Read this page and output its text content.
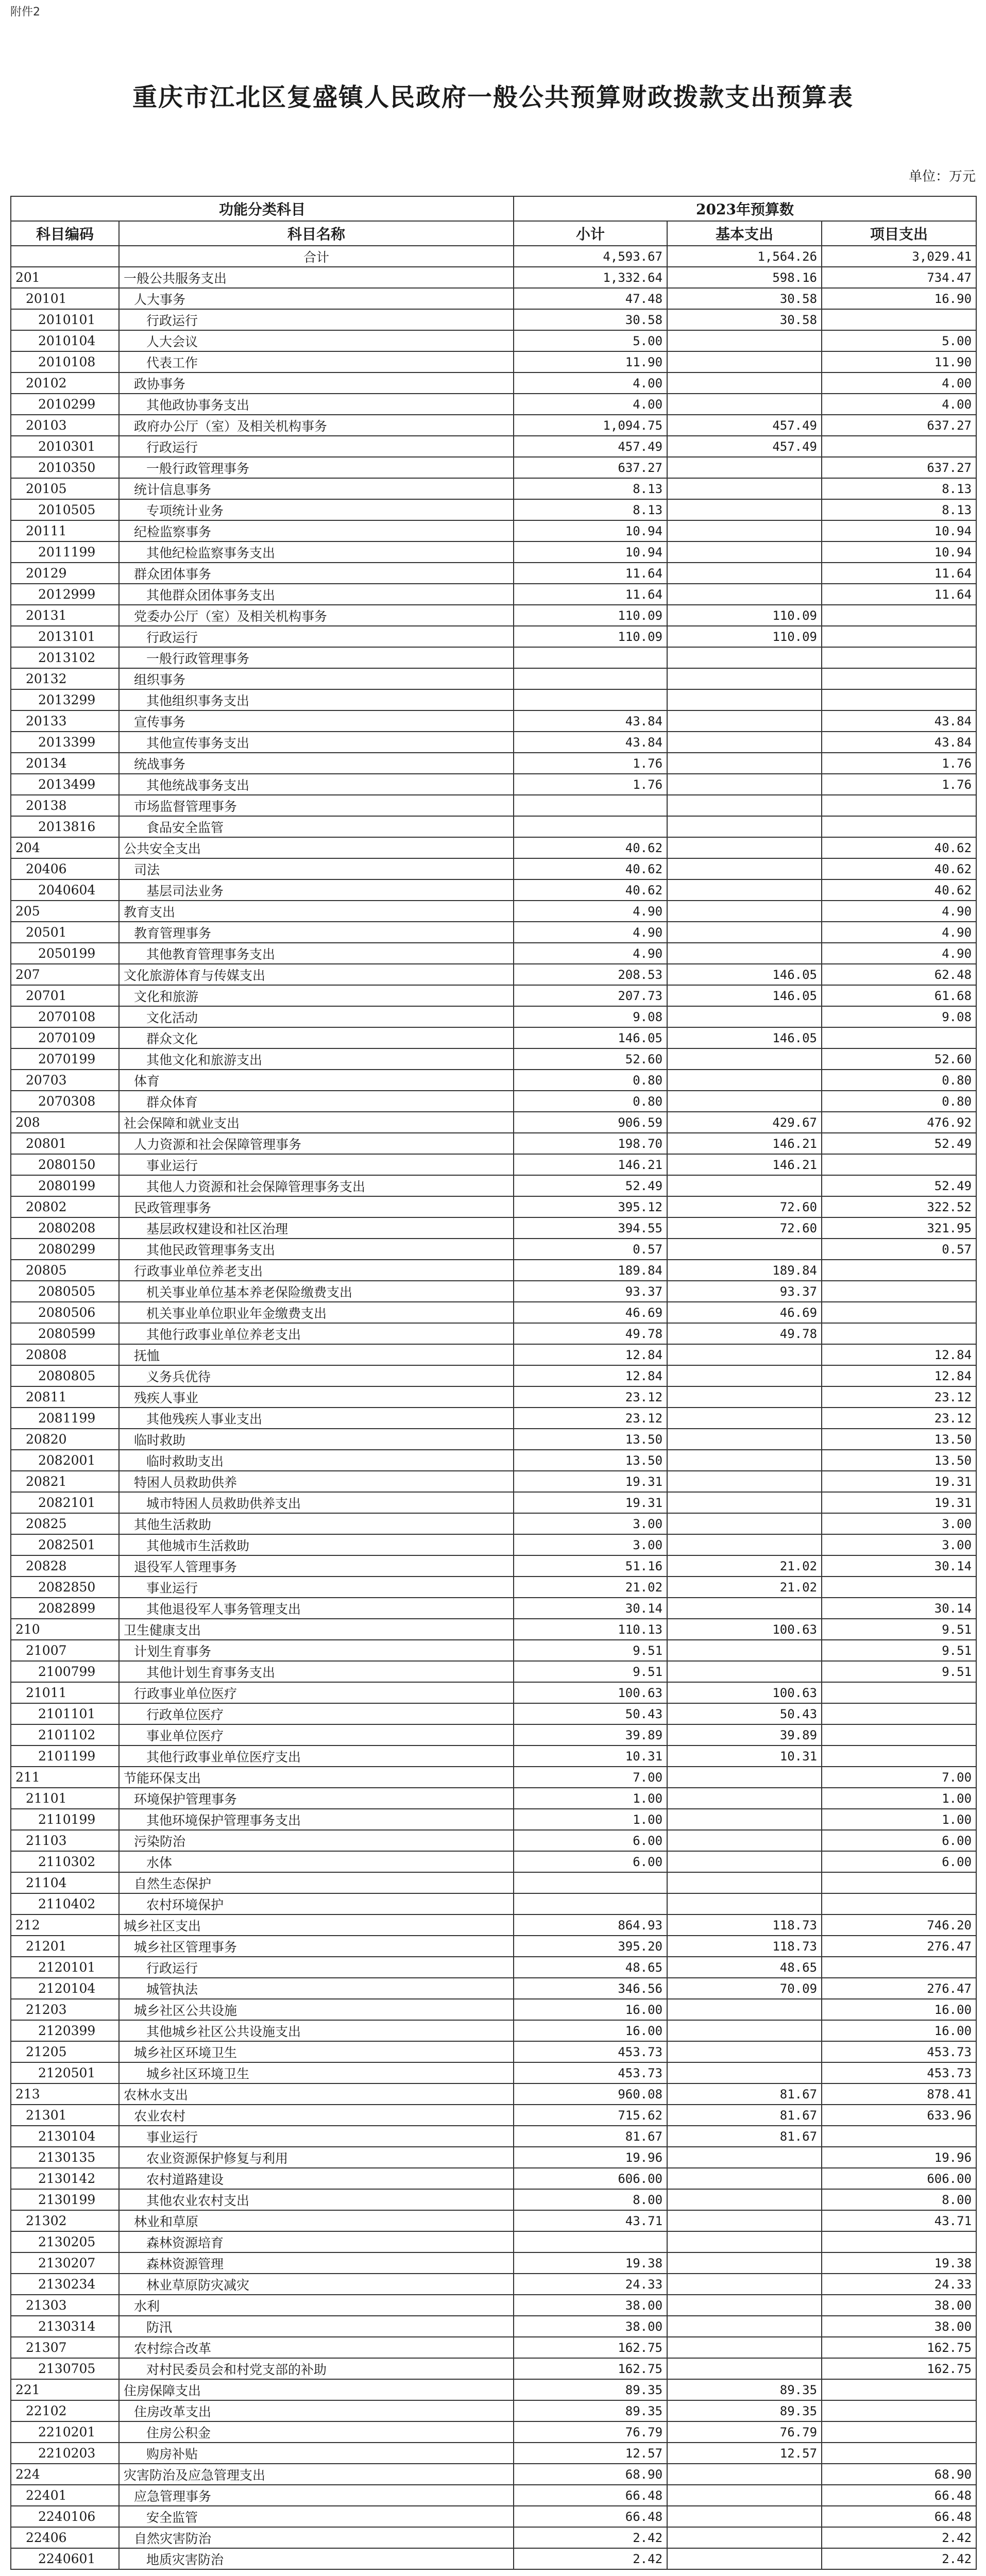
附件2
重庆市江北区复盛镇人民政府一般公共预算财政拨款支出预算表
单位：万元
功能分类科目		2023年预算数		
科目编码	科目名称	小计	基本支出	项目支出
	合计	4,593.67	1,564.26	3,029.41
201	一般公共服务支出	1,332.64	598.16	734.47
20101	人大事务	47.48	30.58	16.90
2010101	行政运行	30.58	30.58	
2010104	人大会议	5.00		5.00
2010108	代表工作	11.90		11.90
20102	政协事务	4.00		4.00
2010299	其他政协事务支出	4.00		4.00
20103	政府办公厅（室）及相关机构事务	1,094.75	457.49	637.27
2010301	行政运行	457.49	457.49	
2010350	一般行政管理事务	637.27		637.27
20105	统计信息事务	8.13		8.13
2010505	专项统计业务	8.13		8.13
20111	纪检监察事务	10.94		10.94
2011199	其他纪检监察事务支出	10.94		10.94
20129	群众团体事务	11.64		11.64
2012999	其他群众团体事务支出	11.64		11.64
20131	党委办公厅（室）及相关机构事务	110.09	110.09	
2013101	行政运行	110.09	110.09	
2013102	一般行政管理事务			
20132	组织事务			
2013299	其他组织事务支出			
20133	宣传事务	43.84		43.84
2013399	其他宣传事务支出	43.84		43.84
20134	统战事务	1.76		1.76
2013499	其他统战事务支出	1.76		1.76
20138	市场监督管理事务			
2013816	食品安全监管			
204	公共安全支出	40.62		40.62
20406	司法	40.62		40.62
2040604	基层司法业务	40.62		40.62
205	教育支出	4.90		4.90
20501	教育管理事务	4.90		4.90
2050199	其他教育管理事务支出	4.90		4.90
207	文化旅游体育与传媒支出	208.53	146.05	62.48
20701	文化和旅游	207.73	146.05	61.68
2070108	文化活动	9.08		9.08
2070109	群众文化	146.05	146.05	
2070199	其他文化和旅游支出	52.60		52.60
20703	体育	0.80		0.80
2070308	群众体育	0.80		0.80
208	社会保障和就业支出	906.59	429.67	476.92
20801	人力资源和社会保障管理事务	198.70	146.21	52.49
2080150	事业运行	146.21	146.21	
2080199	其他人力资源和社会保障管理事务支出	52.49		52.49
20802	民政管理事务	395.12	72.60	322.52
2080208	基层政权建设和社区治理	394.55	72.60	321.95
2080299	其他民政管理事务支出	0.57		0.57
20805	行政事业单位养老支出	189.84	189.84	
2080505	机关事业单位基本养老保险缴费支出	93.37	93.37	
2080506	机关事业单位职业年金缴费支出	46.69	46.69	
2080599	其他行政事业单位养老支出	49.78	49.78	
20808	抚恤	12.84		12.84
2080805	义务兵优待	12.84		12.84
20811	残疾人事业	23.12		23.12
2081199	其他残疾人事业支出	23.12		23.12
20820	临时救助	13.50		13.50
2082001	临时救助支出	13.50		13.50
20821	特困人员救助供养	19.31		19.31
2082101	城市特困人员救助供养支出	19.31		19.31
20825	其他生活救助	3.00		3.00
2082501	其他城市生活救助	3.00		3.00
20828	退役军人管理事务	51.16	21.02	30.14
2082850	事业运行	21.02	21.02	
2082899	其他退役军人事务管理支出	30.14		30.14
210	卫生健康支出	110.13	100.63	9.51
21007	计划生育事务	9.51		9.51
2100799	其他计划生育事务支出	9.51		9.51
21011	行政事业单位医疗	100.63	100.63	
2101101	行政单位医疗	50.43	50.43	
2101102	事业单位医疗	39.89	39.89	
2101199	其他行政事业单位医疗支出	10.31	10.31	
211	节能环保支出	7.00		7.00
21101	环境保护管理事务	1.00		1.00
2110199	其他环境保护管理事务支出	1.00		1.00
21103	污染防治	6.00		6.00
2110302	水体	6.00		6.00
21104	自然生态保护			
2110402	农村环境保护			
212	城乡社区支出	864.93	118.73	746.20
21201	城乡社区管理事务	395.20	118.73	276.47
2120101	行政运行	48.65	48.65	
2120104	城管执法	346.56	70.09	276.47
21203	城乡社区公共设施	16.00		16.00
2120399	其他城乡社区公共设施支出	16.00		16.00
21205	城乡社区环境卫生	453.73		453.73
2120501	城乡社区环境卫生	453.73		453.73
213	农林水支出	960.08	81.67	878.41
21301	农业农村	715.62	81.67	633.96
2130104	事业运行	81.67	81.67	
2130135	农业资源保护修复与利用	19.96		19.96
2130142	农村道路建设	606.00		606.00
2130199	其他农业农村支出	8.00		8.00
21302	林业和草原	43.71		43.71
2130205	森林资源培育			
2130207	森林资源管理	19.38		19.38
2130234	林业草原防灾减灾	24.33		24.33
21303	水利	38.00		38.00
2130314	防汛	38.00		38.00
21307	农村综合改革	162.75		162.75
2130705	对村民委员会和村党支部的补助	162.75		162.75
221	住房保障支出	89.35	89.35	
22102	住房改革支出	89.35	89.35	
2210201	住房公积金	76.79	76.79	
2210203	购房补贴	12.57	12.57	
224	灾害防治及应急管理支出	68.90		68.90
22401	应急管理事务	66.48		66.48
2240106	安全监管	66.48		66.48
22406	自然灾害防治	2.42		2.42
2240601	地质灾害防治	2.42		2.42
